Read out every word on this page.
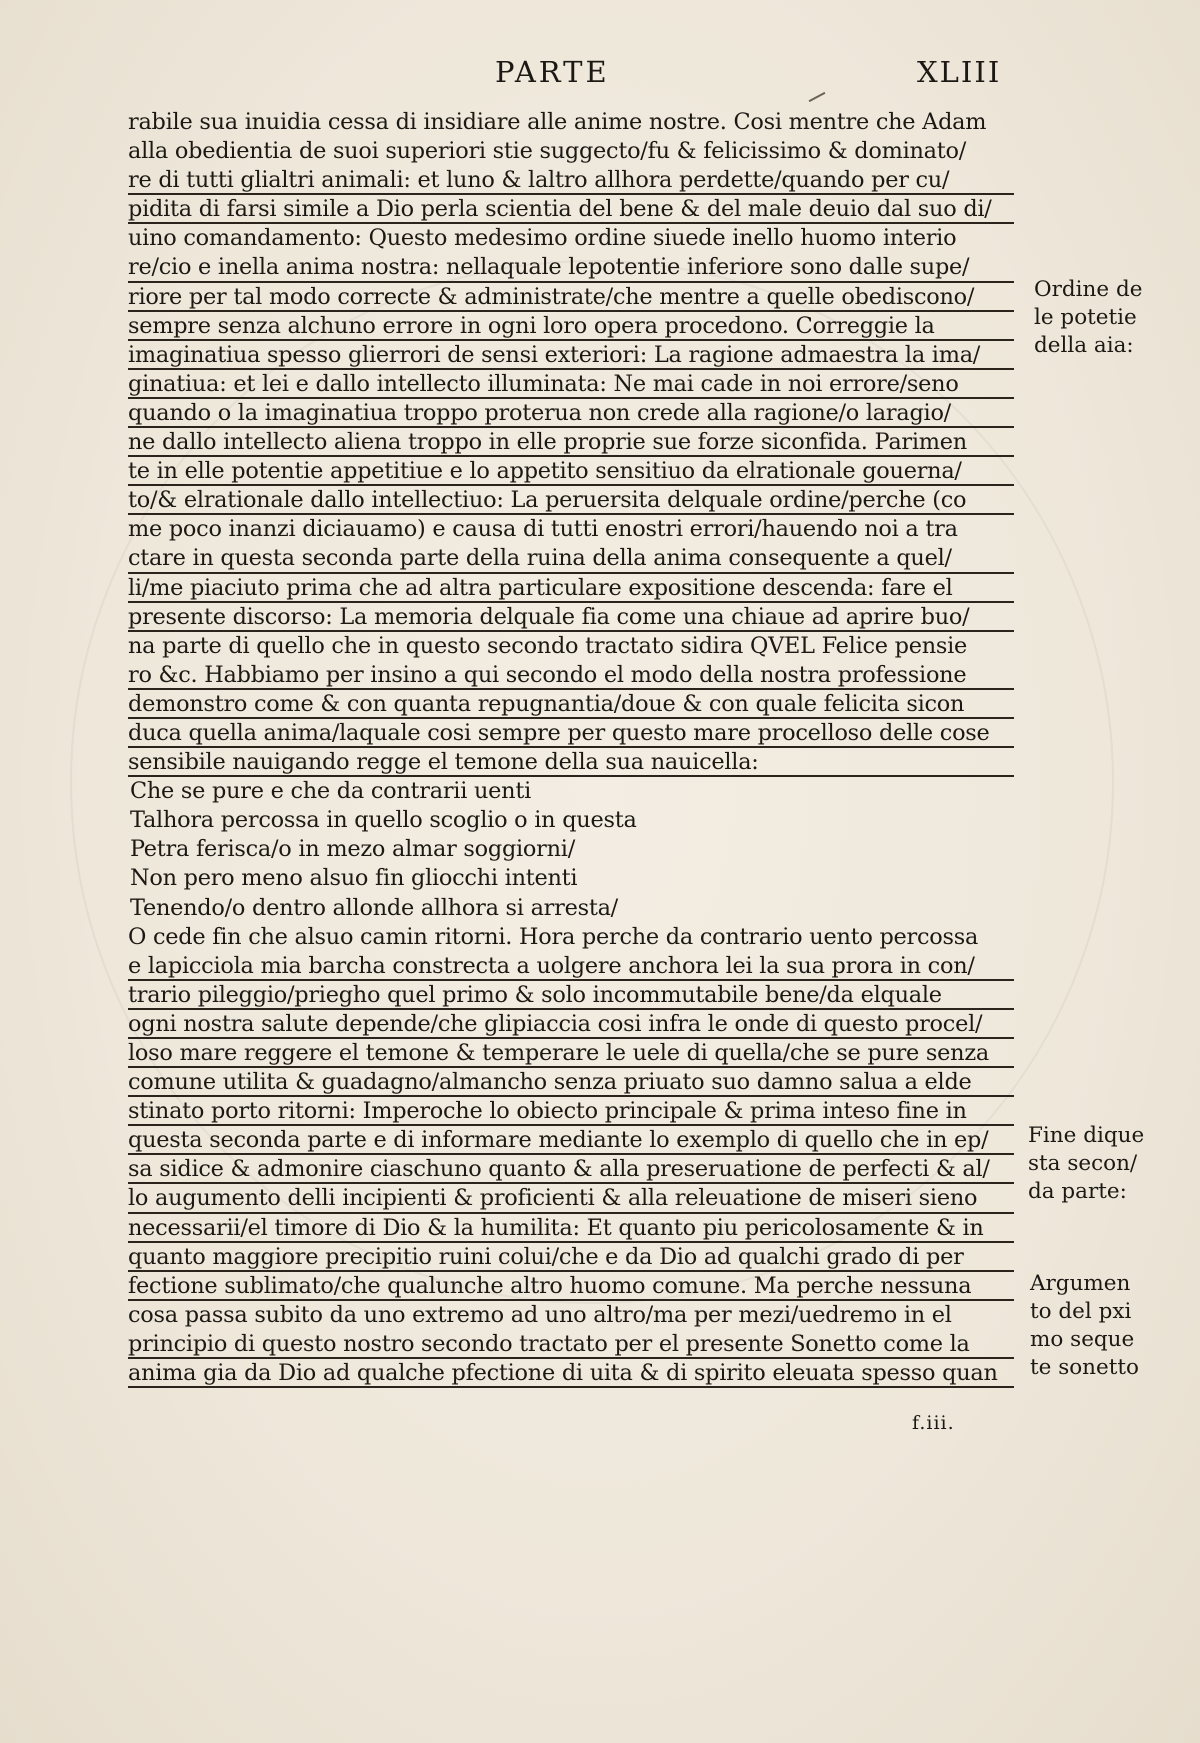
PARTE	XLIII
rabile sua inuidia cessa di insidiare alle anime nostre. Cosi mentre che Adam
alla obedientia de suoi superiori stie suggecto/fu & felicissimo & dominato/
re di tutti glialtri animali: et luno & laltro allhora perdette/quando per cu/
pidita di farsi simile a Dio perla scientia del bene & del male deuio dal suo di/
uino comandamento: Questo medesimo ordine siuede inello huomo interio
re/cio e inella anima nostra: nellaquale lepotentie inferiore sono dalle supe/
riore per tal modo correcte & administrate/che mentre a quelle obediscono/
sempre senza alchuno errore in ogni loro opera procedono. Correggie la
imaginatiua spesso glierrori de sensi exteriori: La ragione admaestra la ima/
ginatiua: et lei e dallo intellecto illuminata: Ne mai cade in noi errore/seno
quando o la imaginatiua troppo proterua non crede alla ragione/o laragio/
ne dallo intellecto aliena troppo in elle proprie sue forze siconfida. Parimen
te in elle potentie appetitiue e lo appetito sensitiuo da elrationale gouerna/
to/& elrationale dallo intellectiuo: La peruersita delquale ordine/perche (co
me poco inanzi diciauamo) e causa di tutti enostri errori/hauendo noi a tra
ctare in questa seconda parte della ruina della anima consequente a quel/
li/me piaciuto prima che ad altra particulare expositione descenda: fare el
presente discorso: La memoria delquale fia come una chiaue ad aprire buo/
na parte di quello che in questo secondo tractato sidira QVEL Felice pensie
ro &c. Habbiamo per insino a qui secondo el modo della nostra professione
demonstro come & con quanta repugnantia/doue & con quale felicita sicon
duca quella anima/laquale cosi sempre per questo mare procelloso delle cose
sensibile nauigando regge el temone della sua nauicella:
Che se pure e che da contrarii uenti
Talhora percossa in quello scoglio o in questa
Petra ferisca/o in mezo almar soggiorni/
Non pero meno alsuo fin gliocchi intenti
Tenendo/o dentro allonde allhora si arresta/
O cede fin che alsuo camin ritorni. Hora perche da contrario uento percossa
e lapicciola mia barcha constrecta a uolgere anchora lei la sua prora in con/
trario pileggio/priegho quel primo & solo incommutabile bene/da elquale
ogni nostra salute depende/che glipiaccia cosi infra le onde di questo procel/
loso mare reggere el temone & temperare le uele di quella/che se pure senza
comune utilita & guadagno/almancho senza priuato suo damno salua a elde
stinato porto ritorni: Imperoche lo obiecto principale & prima inteso fine in
questa seconda parte e di informare mediante lo exemplo di quello che in ep/
sa sidice & admonire ciaschuno quanto & alla preseruatione de perfecti & al/
lo augumento delli incipienti & proficienti & alla releuatione de miseri sieno
necessarii/el timore di Dio & la humilita: Et quanto piu pericolosamente & in
quanto maggiore precipitio ruini colui/che e da Dio ad qualchi grado di per
fectione sublimato/che qualunche altro huomo comune. Ma perche nessuna
cosa passa subito da uno extremo ad uno altro/ma per mezi/uedremo in el
principio di questo nostro secondo tractato per el presente Sonetto come la
anima gia da Dio ad qualche pfectione di uita & di spirito eleuata spesso quan
Ordine de
le potetie
della aia:
Fine dique
sta secon/
da parte:
Argumen
to del pxi
mo seque
te sonetto
f.iii.
